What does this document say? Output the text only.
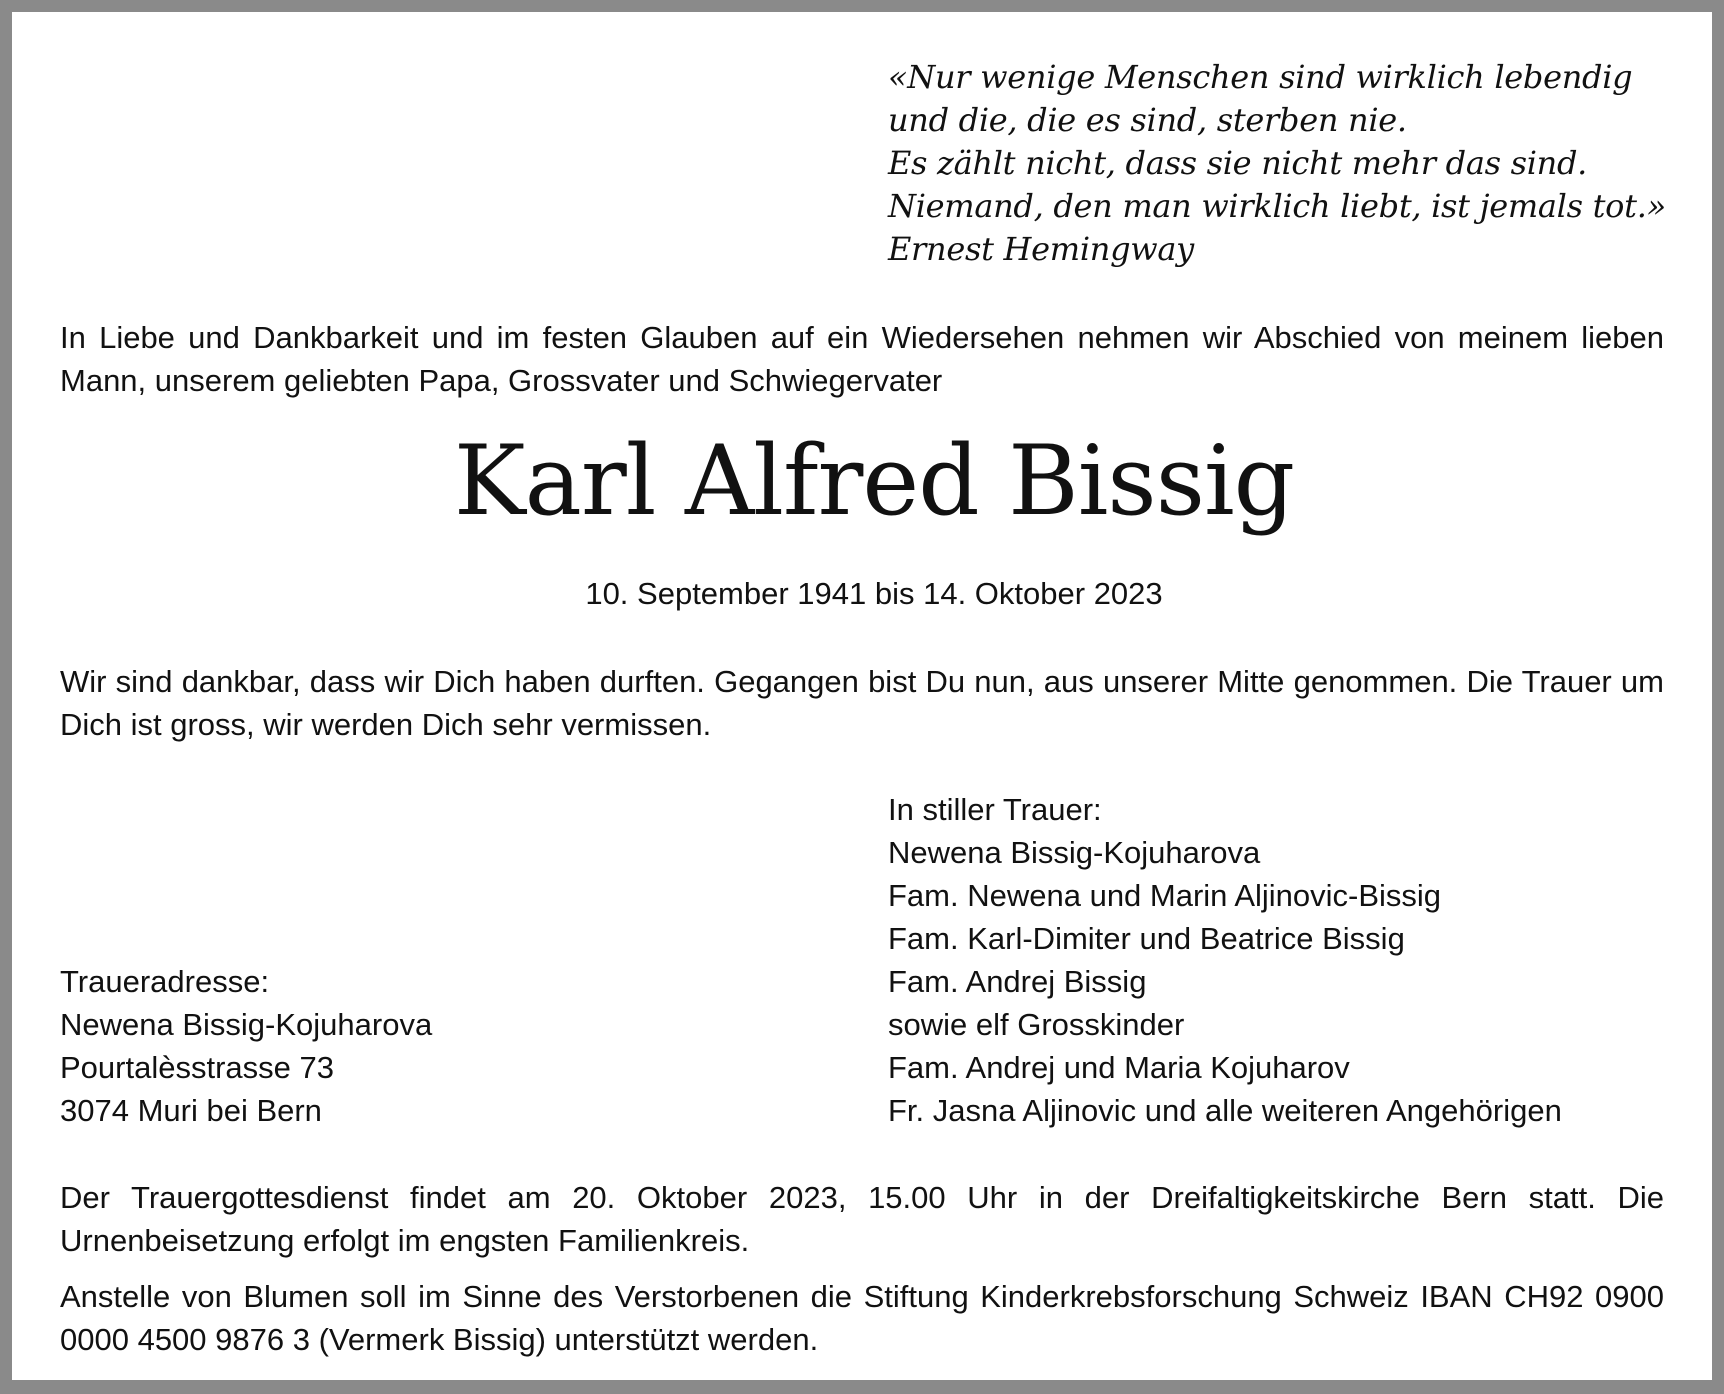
«Nur wenige Menschen sind wirklich lebendig
und die, die es sind, sterben nie.
Es zählt nicht, dass sie nicht mehr das sind.
Niemand, den man wirklich liebt, ist jemals tot.»
Ernest Hemingway
In Liebe und Dankbarkeit und im festen Glauben auf ein Wiedersehen nehmen wir Abschied von meinem lieben Mann, unserem geliebten Papa, Grossvater und Schwiegervater
Karl Alfred Bissig
10. September 1941 bis 14. Oktober 2023
Wir sind dankbar, dass wir Dich haben durften. Gegangen bist Du nun, aus unserer Mitte genommen. Die Trauer um Dich ist gross, wir werden Dich sehr vermissen.
In stiller Trauer:
Newena Bissig-Kojuharova
Fam. Newena und Marin Aljinovic-Bissig
Fam. Karl-Dimiter und Beatrice Bissig
Fam. Andrej Bissig
sowie elf Grosskinder
Fam. Andrej und Maria Kojuharov
Fr. Jasna Aljinovic und alle weiteren Angehörigen
Traueradresse:
Newena Bissig-Kojuharova
Pourtalèsstrasse 73
3074 Muri bei Bern
Der Trauergottesdienst findet am 20. Oktober 2023, 15.00 Uhr in der Dreifaltigkeitskirche Bern statt. Die Urnenbeisetzung erfolgt im engsten Familienkreis.
Anstelle von Blumen soll im Sinne des Verstorbenen die Stiftung Kinderkrebsforschung Schweiz IBAN CH92 0900 0000 4500 9876 3 (Vermerk Bissig) unterstützt werden.
